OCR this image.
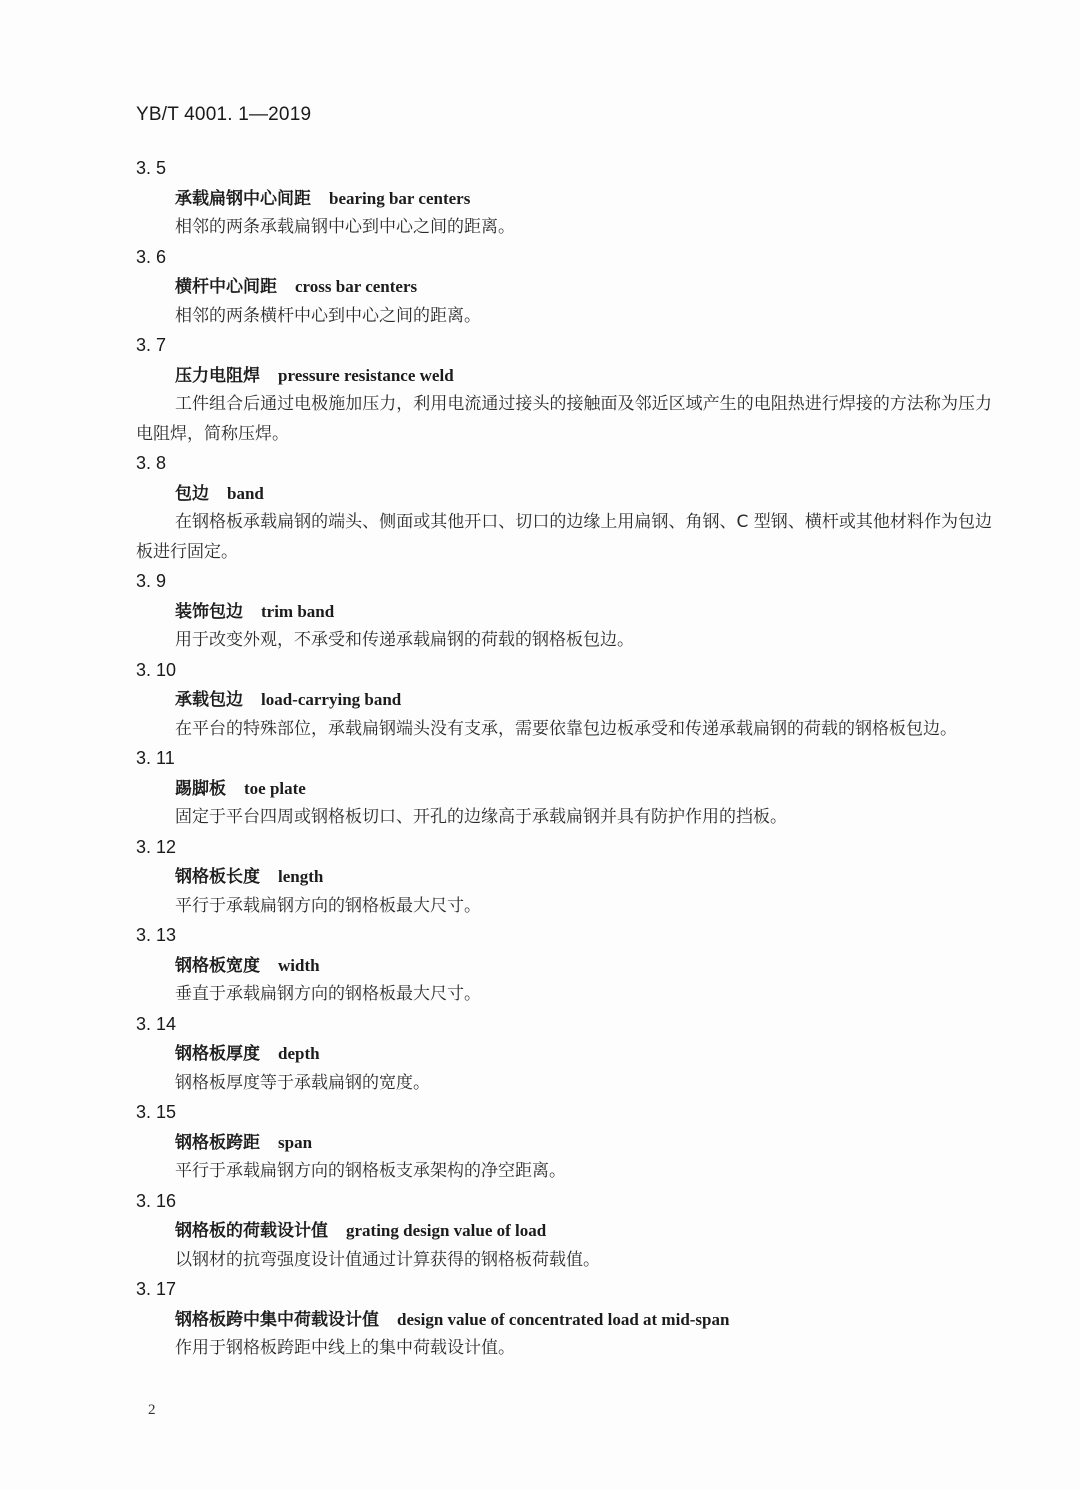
YB/T 4001. 1—2019
3. 5
承载扁钢中心间距 bearing bar centers
相邻的两条承载扁钢中心到中心之间的距离。
3. 6
横杆中心间距 cross bar centers
相邻的两条横杆中心到中心之间的距离。
3. 7
压力电阻焊 pressure resistance weld
工件组合后通过电极施加压力，利用电流通过接头的接触面及邻近区域产生的电阻热进行焊接的方法称为压力电阻焊，简称压焊。
3. 8
包边 band
在钢格板承载扁钢的端头、侧面或其他开口、切口的边缘上用扁钢、角钢、C 型钢、横杆或其他材料作为包边板进行固定。
3. 9
装饰包边 trim band
用于改变外观，不承受和传递承载扁钢的荷载的钢格板包边。
3. 10
承载包边 load-carrying band
在平台的特殊部位，承载扁钢端头没有支承，需要依靠包边板承受和传递承载扁钢的荷载的钢格板包边。
3. 11
踢脚板 toe plate
固定于平台四周或钢格板切口、开孔的边缘高于承载扁钢并具有防护作用的挡板。
3. 12
钢格板长度 length
平行于承载扁钢方向的钢格板最大尺寸。
3. 13
钢格板宽度 width
垂直于承载扁钢方向的钢格板最大尺寸。
3. 14
钢格板厚度 depth
钢格板厚度等于承载扁钢的宽度。
3. 15
钢格板跨距 span
平行于承载扁钢方向的钢格板支承架构的净空距离。
3. 16
钢格板的荷载设计值 grating design value of load
以钢材的抗弯强度设计值通过计算获得的钢格板荷载值。
3. 17
钢格板跨中集中荷载设计值 design value of concentrated load at mid-span
作用于钢格板跨距中线上的集中荷载设计值。
2
